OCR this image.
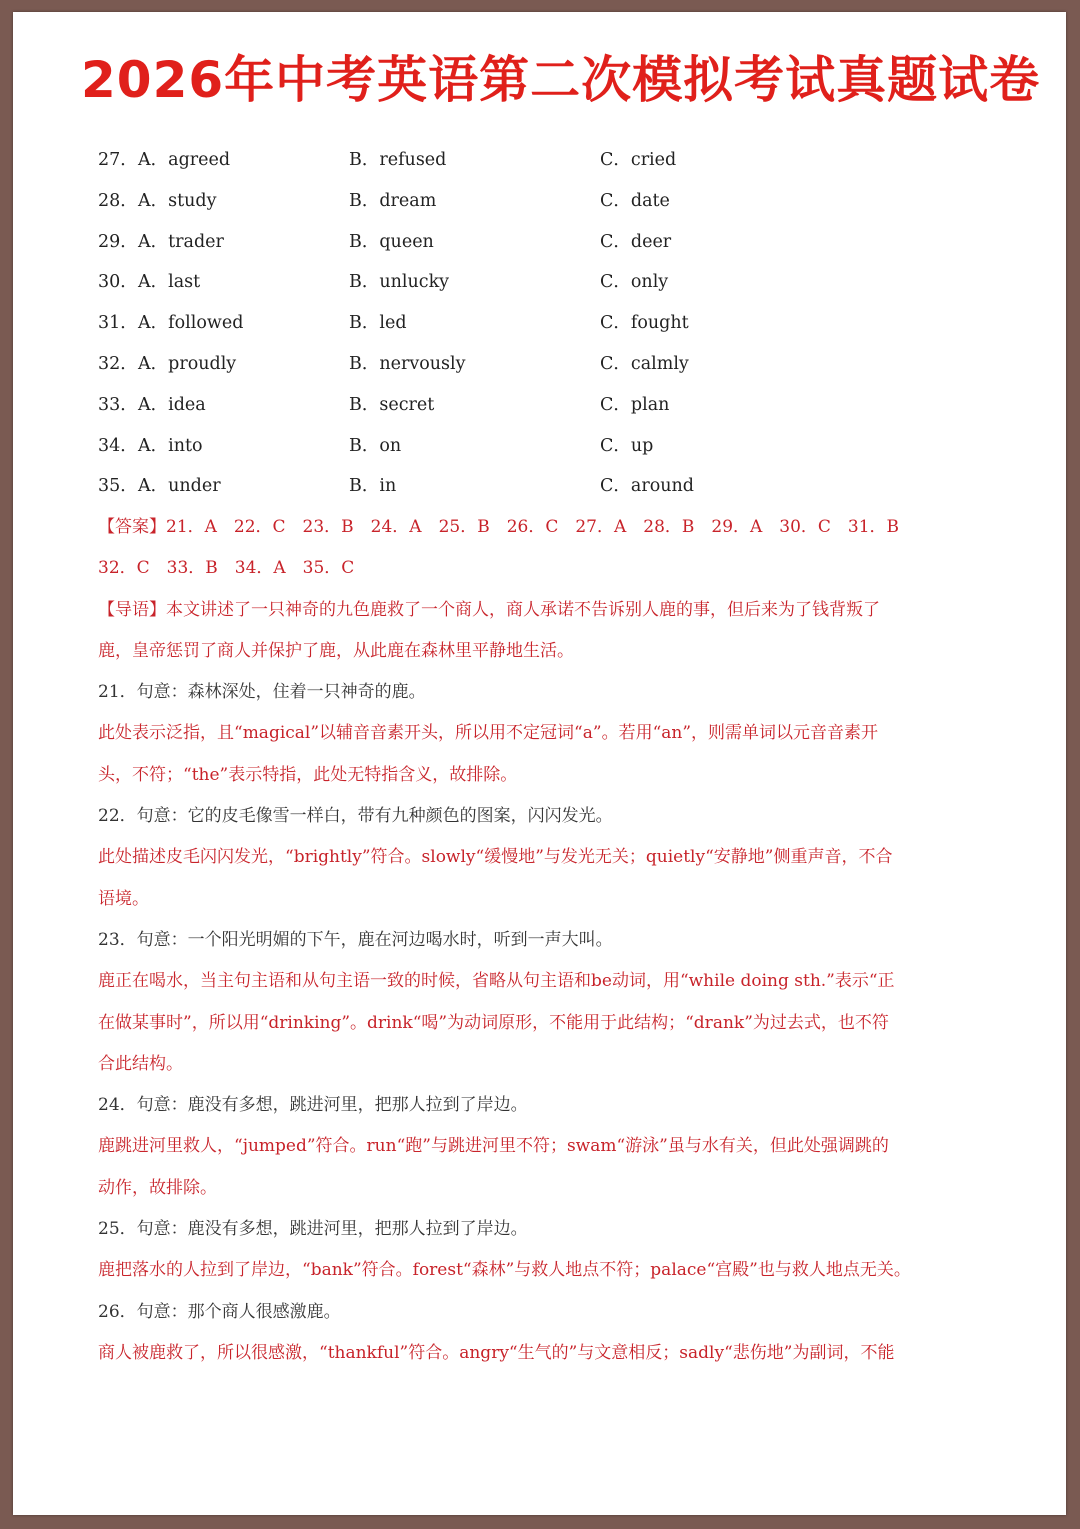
2026年中考英语第二次模拟考试真题试卷
27． A．agreed	B．refused	C．cried
28． A．study	B．dream	C．date
29． A．trader	B．queen	C．deer
30． A．last	B．unlucky	C．only
31． A．followed	B．led	C．fought
32． A．proudly	B．nervously	C．calmly
33． A．idea	B．secret	C．plan
34． A．into	B．on	C．up
35． A．under	B．in	C．around
【答案】21．A　22．C　23．B　24．A　25．B　26．C　27．A　28．B　29．A　30．C　31．B
32．C　33．B　34．A　35．C
【导语】本文讲述了一只神奇的九色鹿救了一个商人，商人承诺不告诉别人鹿的事，但后来为了钱背叛了
鹿，皇帝惩罚了商人并保护了鹿，从此鹿在森林里平静地生活。
21．句意：森林深处，住着一只神奇的鹿。
此处表示泛指，且“magical”以辅音音素开头，所以用不定冠词“a”。若用“an”，则需单词以元音音素开
头，不符；“the”表示特指，此处无特指含义，故排除。
22．句意：它的皮毛像雪一样白，带有九种颜色的图案，闪闪发光。
此处描述皮毛闪闪发光，“brightly”符合。slowly“缓慢地”与发光无关；quietly“安静地”侧重声音，不合
语境。
23．句意：一个阳光明媚的下午，鹿在河边喝水时，听到一声大叫。
鹿正在喝水，当主句主语和从句主语一致的时候，省略从句主语和be动词，用“while doing sth.”表示“正
在做某事时”，所以用“drinking”。drink“喝”为动词原形，不能用于此结构；“drank”为过去式，也不符
合此结构。
24．句意：鹿没有多想，跳进河里，把那人拉到了岸边。
鹿跳进河里救人，“jumped”符合。run“跑”与跳进河里不符；swam“游泳”虽与水有关，但此处强调跳的
动作，故排除。
25．句意：鹿没有多想，跳进河里，把那人拉到了岸边。
鹿把落水的人拉到了岸边，“bank”符合。forest“森林”与救人地点不符；palace“宫殿”也与救人地点无关。
26．句意：那个商人很感激鹿。
商人被鹿救了，所以很感激，“thankful”符合。angry“生气的”与文意相反；sadly“悲伤地”为副词，不能
